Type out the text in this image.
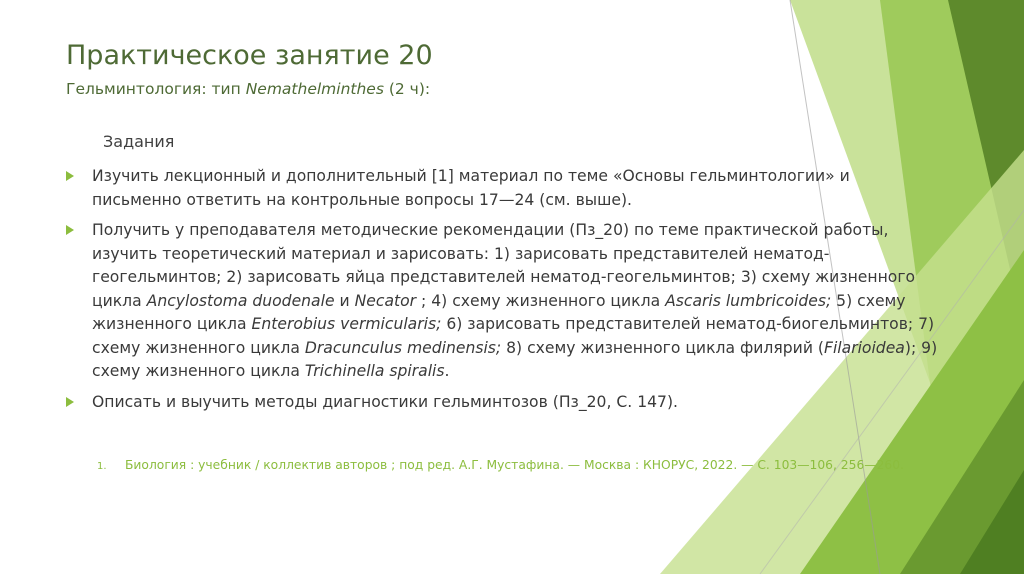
Практическое занятие 20
Гельминтология: тип Nemathelminthes (2 ч):
Задания
Изучить лекционный и дополнительный [1] материал по теме «Основы гельминтологии» и письменно ответить на контрольные вопросы 17—24 (см. выше).
Получить у преподавателя методические рекомендации (Пз_20) по теме практической работы, изучить теоретический материал и зарисовать: 1) зарисовать представителей нематод-геогельминтов; 2) зарисовать яйца представителей нематод-геогельминтов; 3) схему жизненного цикла Ancylostoma duodenale и Necator ; 4) схему жизненного цикла Ascaris lumbricoides; 5) схему жизненного цикла Enterobius vermicularis; 6) зарисовать представителей нематод-биогельминтов; 7) схему жизненного цикла Dracunculus medinensis; 8) схему жизненного цикла филярий (Filarioidea); 9) схему жизненного цикла Trichinella spiralis.
Описать и выучить методы диагностики гельминтозов (Пз_20, С. 147).
1. Биология : учебник / коллектив авторов ; под ред. А.Г. Мустафина. — Москва : КНОРУС, 2022. — С. 103—106, 256—260.
